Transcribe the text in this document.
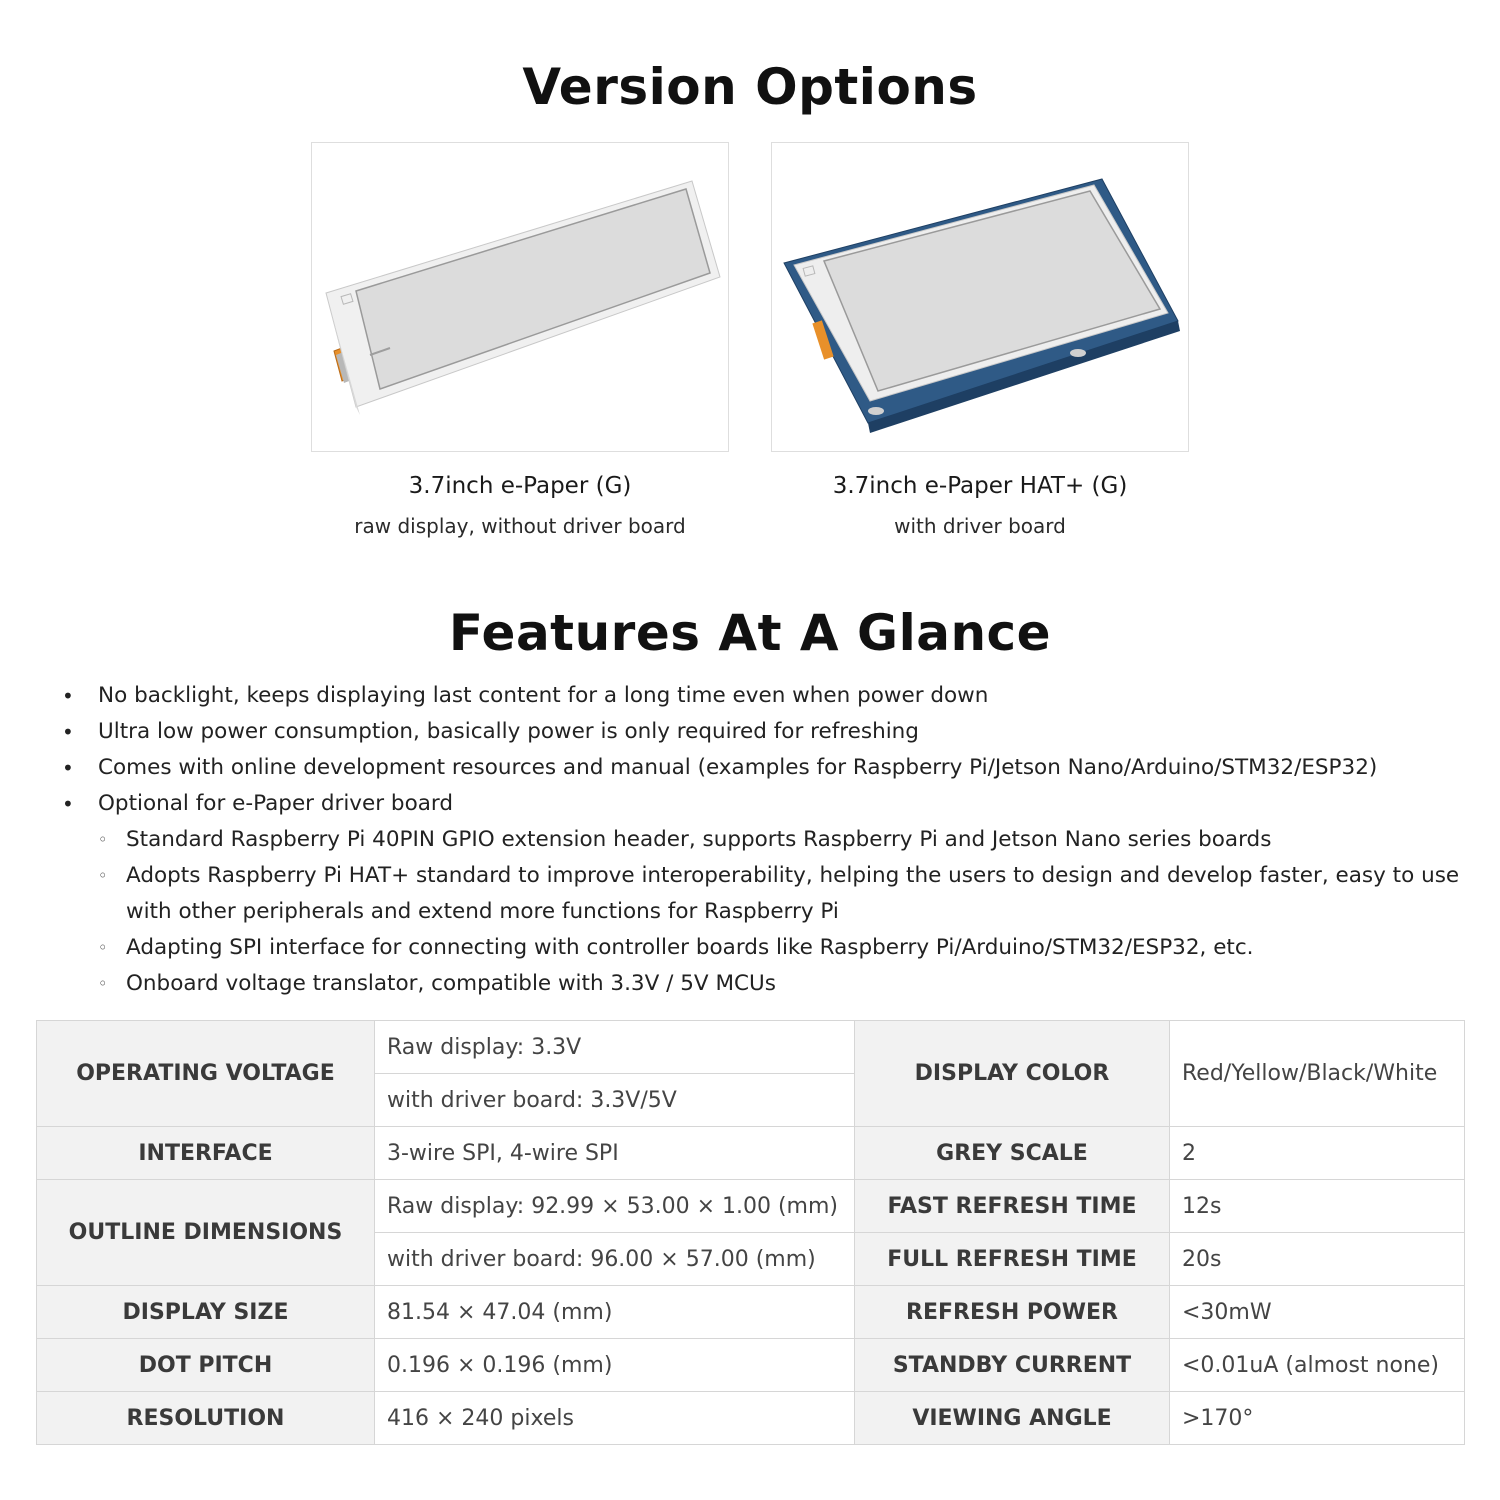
Version Options
3.7inch e-Paper (G)
raw display, without driver board
3.7inch e-Paper HAT+ (G)
with driver board
Features At A Glance
• No backlight, keeps displaying last content for a long time even when power down
• Ultra low power consumption, basically power is only required for refreshing
• Comes with online development resources and manual (examples for Raspberry Pi/Jetson Nano/Arduino/STM32/ESP32)
• Optional for e-Paper driver board
◦ Standard Raspberry Pi 40PIN GPIO extension header, supports Raspberry Pi and Jetson Nano series boards
◦ Adopts Raspberry Pi HAT+ standard to improve interoperability, helping the users to design and develop faster, easy to use with other peripherals and extend more functions for Raspberry Pi
◦ Adapting SPI interface for connecting with controller boards like Raspberry Pi/Arduino/STM32/ESP32, etc.
◦ Onboard voltage translator, compatible with 3.3V / 5V MCUs
OPERATING VOLTAGE	Raw display: 3.3V	DISPLAY COLOR	Red/Yellow/Black/White
	with driver board: 3.3V/5V		
INTERFACE	3-wire SPI, 4-wire SPI	GREY SCALE	2
OUTLINE DIMENSIONS	Raw display: 92.99 × 53.00 × 1.00 (mm)	FAST REFRESH TIME	12s
	with driver board: 96.00 × 57.00 (mm)	FULL REFRESH TIME	20s
DISPLAY SIZE	81.54 × 47.04 (mm)	REFRESH POWER	<30mW
DOT PITCH	0.196 × 0.196 (mm)	STANDBY CURRENT	<0.01uA (almost none)
RESOLUTION	416 × 240 pixels	VIEWING ANGLE	>170°
